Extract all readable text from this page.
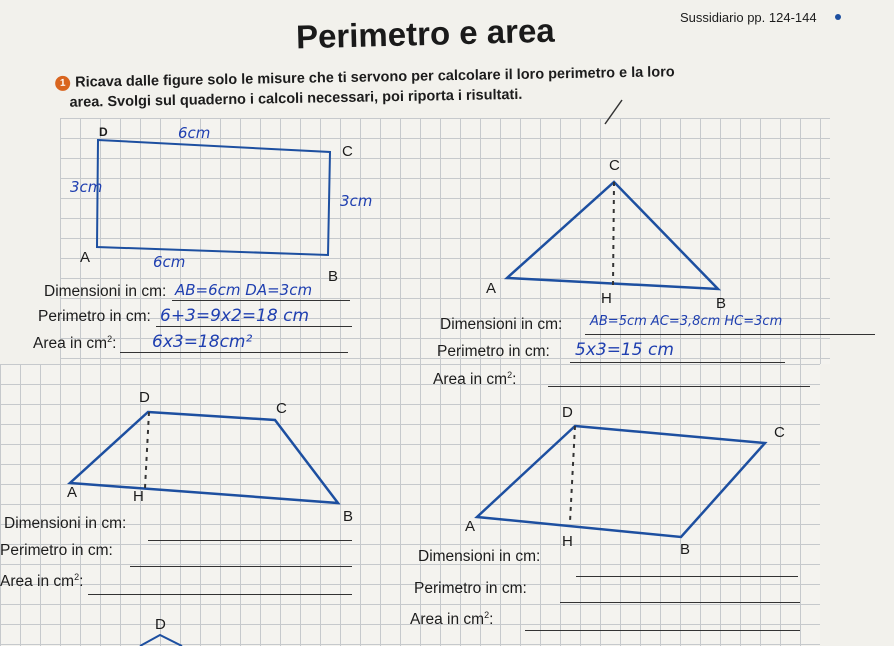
Perimetro e area	Sussidiario pp. 124-144
1 Ricava dalle figure solo le misure che ti servono per calcolare il loro perimetro e la loro
area. Svolgi sul quaderno i calcoli necessari, poi riporta i risultati.
D
C
A
B
6cm
3cm
3cm
6cm
Dimensioni in cm: AB=6cm DA=3cm
Perimetro in cm: 6+3=9x2=18 cm
Area in $cm^2$: 6x3=18cm²
C
A
H	B
Dimensioni in cm: AB=5cm AC=3,8cm HC=3cm
Perimetro in cm: 5x3=15 cm
Area in $cm^2$:
D
C
A	H
B
Dimensioni in cm:
Perimetro in cm:
Area in $cm^2$:
D
C
A
H	B
Dimensioni in cm:
Perimetro in cm:
Area in $cm^2$:
D
